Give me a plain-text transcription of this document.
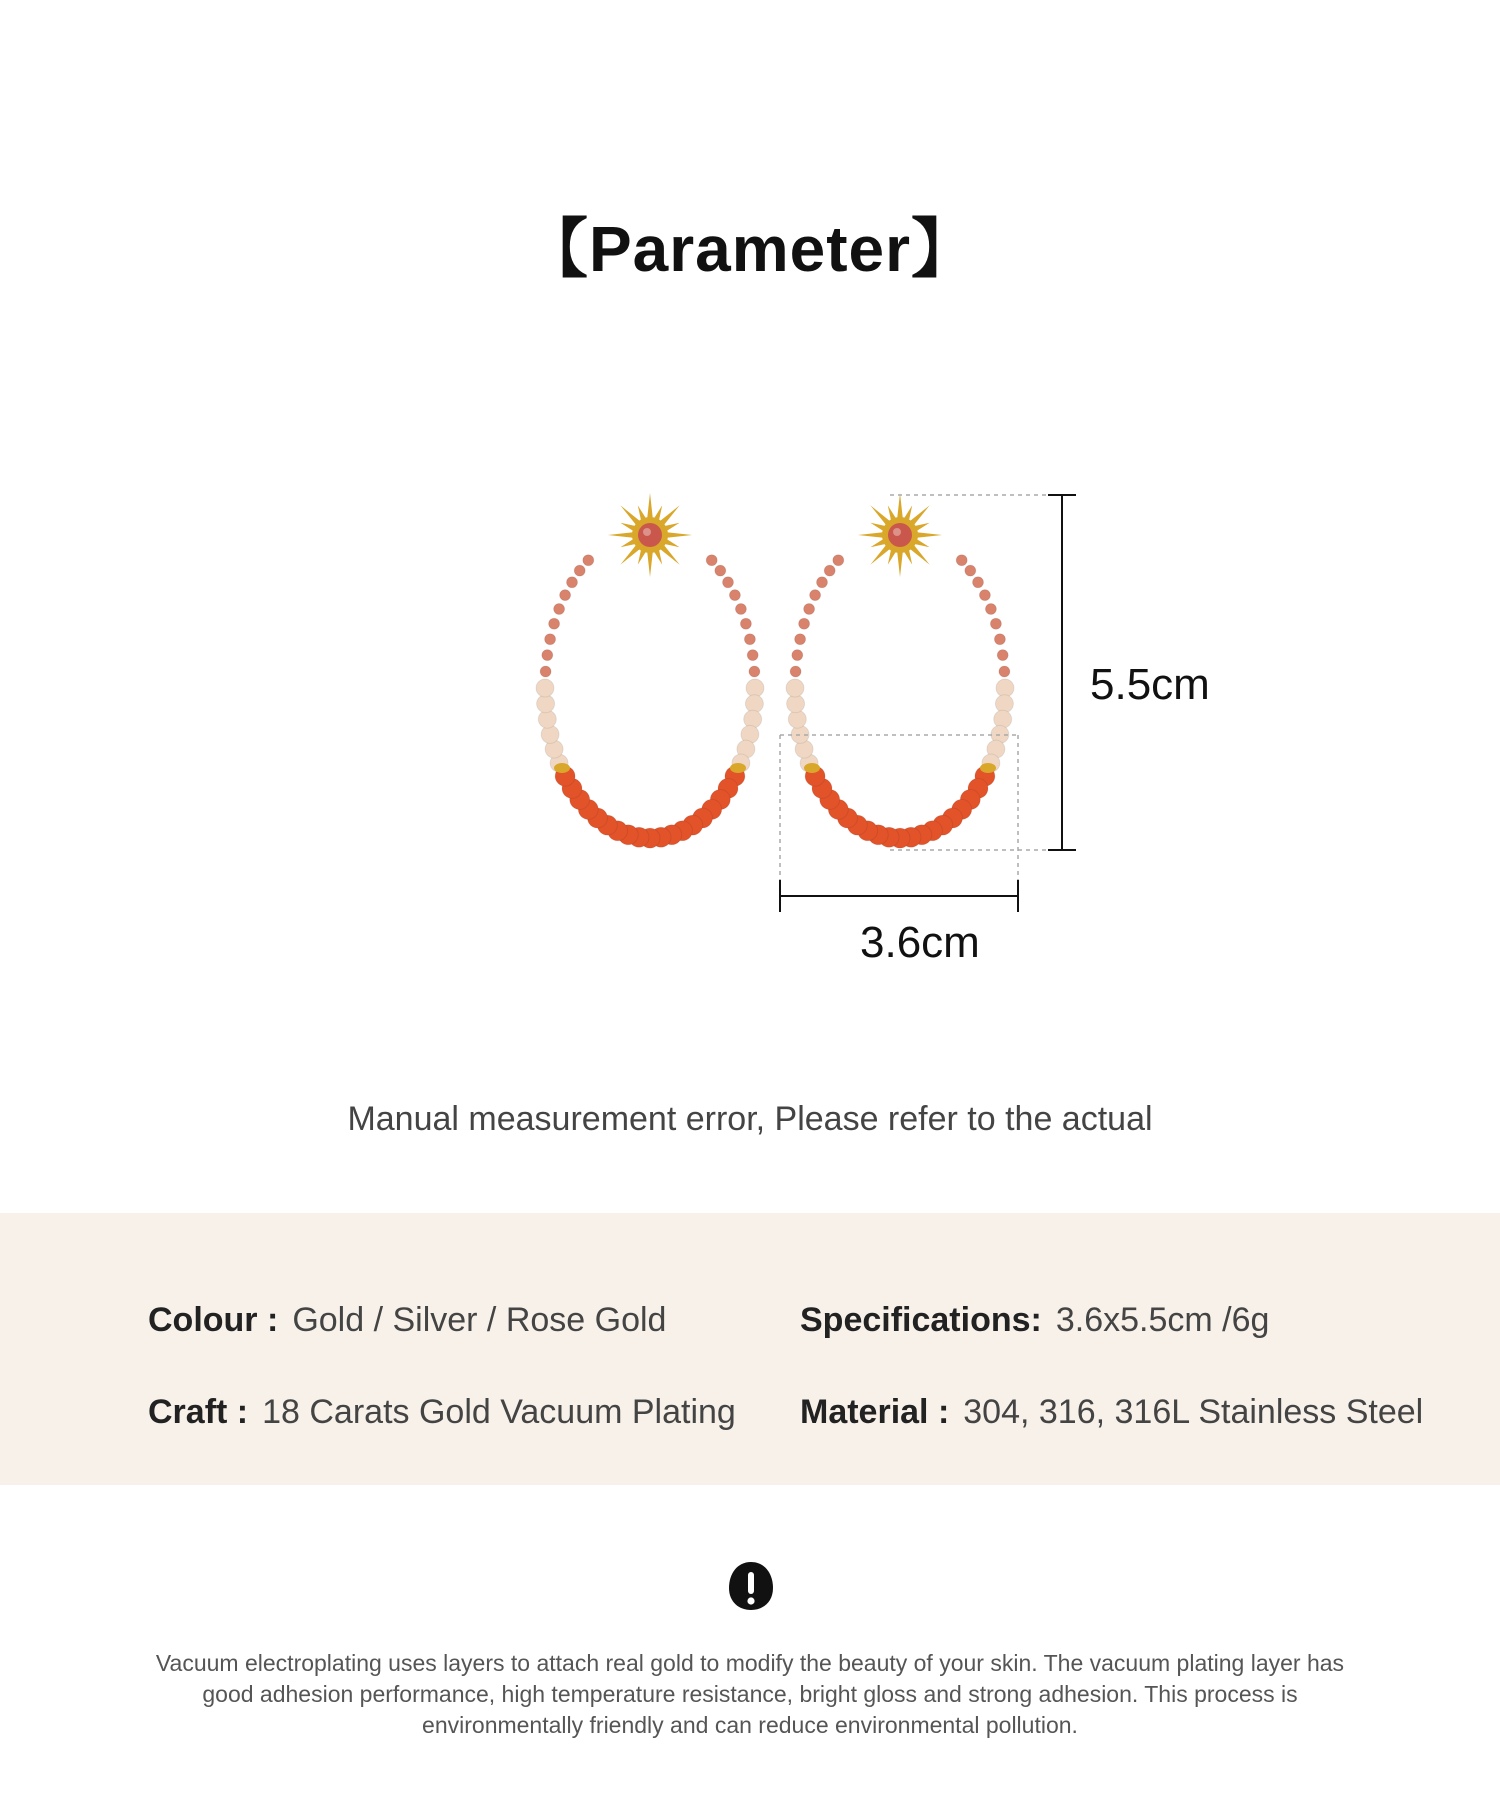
【Parameter】
5.5cm
3.6cm
Manual measurement error, Please refer to the actual
Colour : Gold / Silver / Rose Gold	Specifications: 3.6x5.5cm /6g
Craft : 18 Carats Gold Vacuum Plating Material : 304, 316, 316L Stainless Steel
Vacuum electroplating uses layers to attach real gold to modify the beauty of your skin. The vacuum plating layer has good adhesion performance, high temperature resistance, bright gloss and strong adhesion. This process is environmentally friendly and can reduce environmental pollution.
